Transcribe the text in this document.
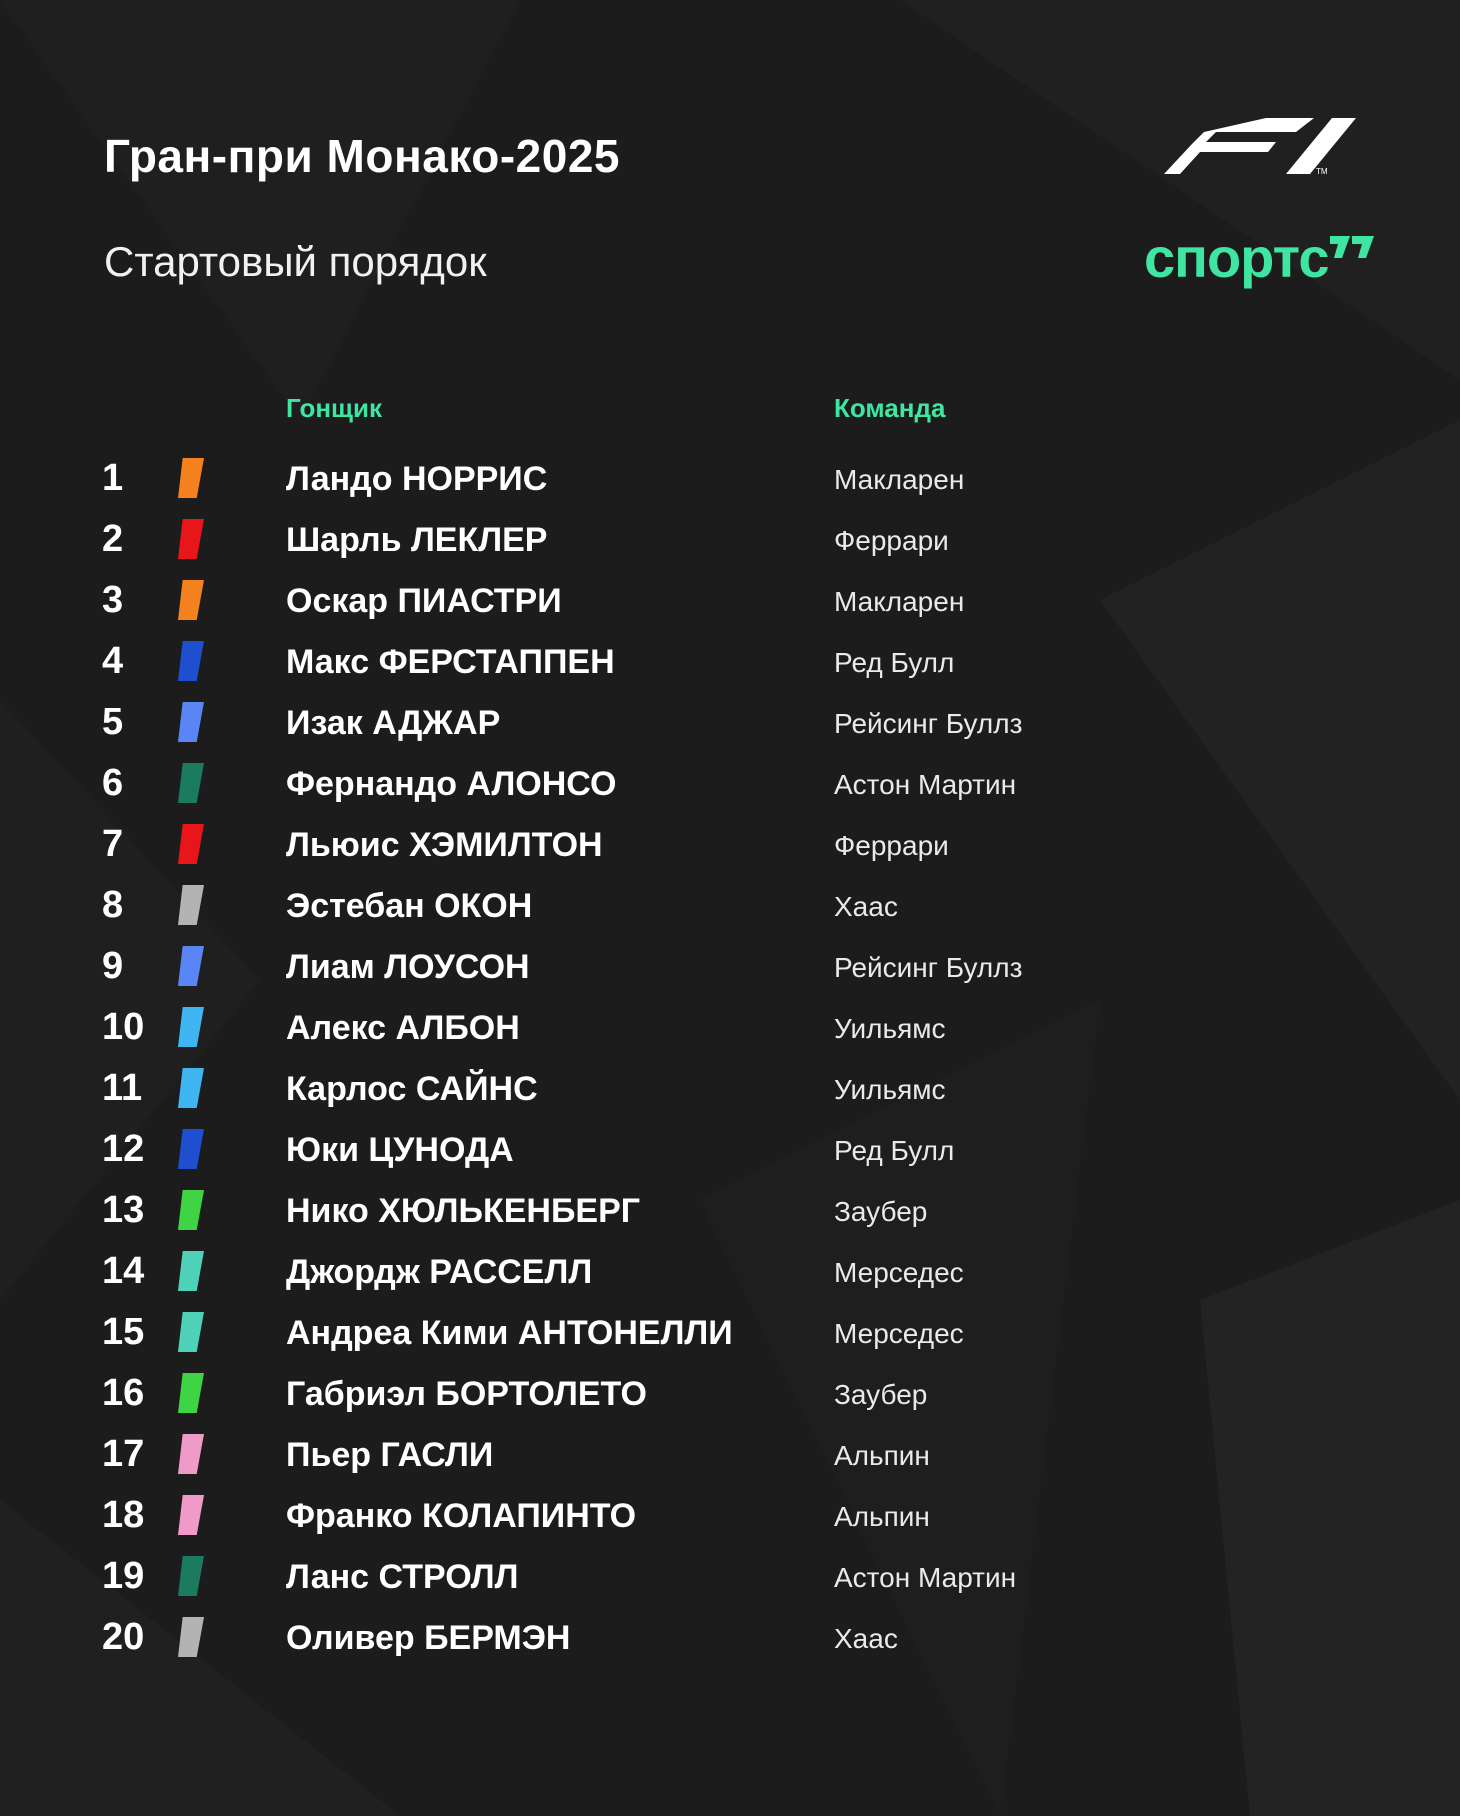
Гран-при Монако-2025
Стартовый порядок
TM
спортс
Гонщик	Команда
1	Ландо НОРРИС	Макларен
2	Шарль ЛЕКЛЕР	Феррари
3	Оскар ПИАСТРИ	Макларен
4	Макс ФЕРСТАППЕН	Ред Булл
5	Изак АДЖАР	Рейсинг Буллз
6	Фернандо АЛОНСО	Астон Мартин
7	Льюис ХЭМИЛТОН	Феррари
8	Эстебан ОКОН	Хаас
9	Лиам ЛОУСОН	Рейсинг Буллз
10	Алекс АЛБОН	Уильямс
11	Карлос САЙНС	Уильямс
12	Юки ЦУНОДА	Ред Булл
13	Нико ХЮЛЬКЕНБЕРГ	Заубер
14	Джордж РАССЕЛЛ	Мерседес
15	Андреа Кими АНТОНЕЛЛИ	Мерседес
16	Габриэл БОРТОЛЕТО	Заубер
17	Пьер ГАСЛИ	Альпин
18	Франко КОЛАПИНТО	Альпин
19	Ланс СТРОЛЛ	Астон Мартин
20	Оливер БЕРМЭН	Хаас
